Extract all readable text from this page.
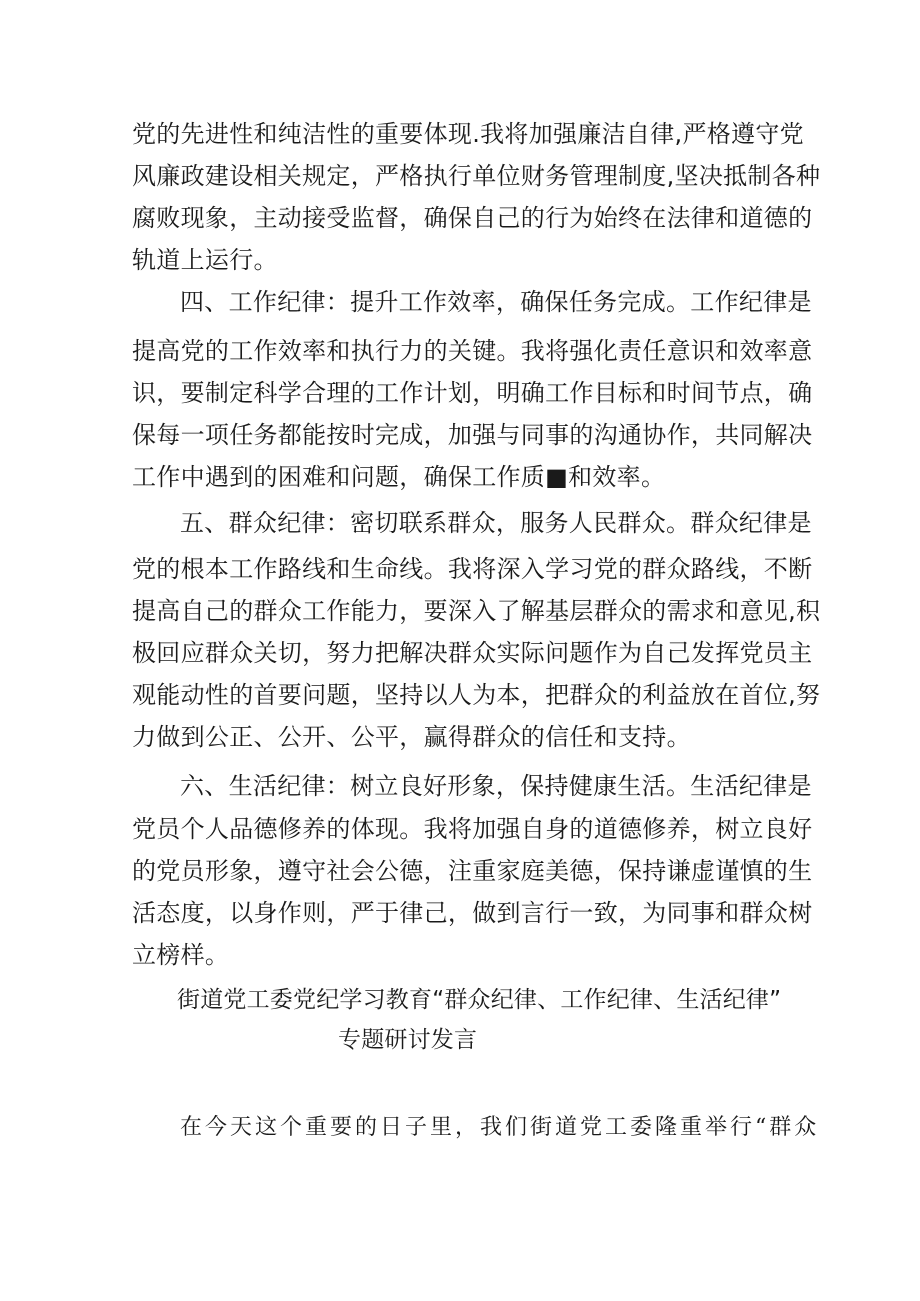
党的先进性和纯洁性的重要体现.我将加强廉洁自律,严格遵守党
风廉政建设相关规定，严格执行单位财务管理制度,坚决抵制各种
腐败现象，主动接受监督，确保自己的行为始终在法律和道德的
轨道上运行。
四、工作纪律：提升工作效率，确保任务完成。工作纪律是
提高党的工作效率和执行力的关键。我将强化责任意识和效率意
识，要制定科学合理的工作计划，明确工作目标和时间节点，确
保每一项任务都能按时完成，加强与同事的沟通协作，共同解决
工作中遇到的困难和问题，确保工作质■和效率。
五、群众纪律：密切联系群众，服务人民群众。群众纪律是
党的根本工作路线和生命线。我将深入学习党的群众路线，不断
提高自己的群众工作能力，要深入了解基层群众的需求和意见,积
极回应群众关切，努力把解决群众实际问题作为自己发挥党员主
观能动性的首要问题，坚持以人为本，把群众的利益放在首位,努
力做到公正、公开、公平，赢得群众的信任和支持。
六、生活纪律：树立良好形象，保持健康生活。生活纪律是
党员个人品德修养的体现。我将加强自身的道德修养，树立良好
的党员形象，遵守社会公德，注重家庭美德，保持谦虚谨慎的生
活态度，以身作则，严于律己，做到言行一致，为同事和群众树
立榜样。
街道党工委党纪学习教育“群众纪律、工作纪律、生活纪律”
专题研讨发言
在今天这个重要的日子里，我们街道党工委隆重举行“群众
